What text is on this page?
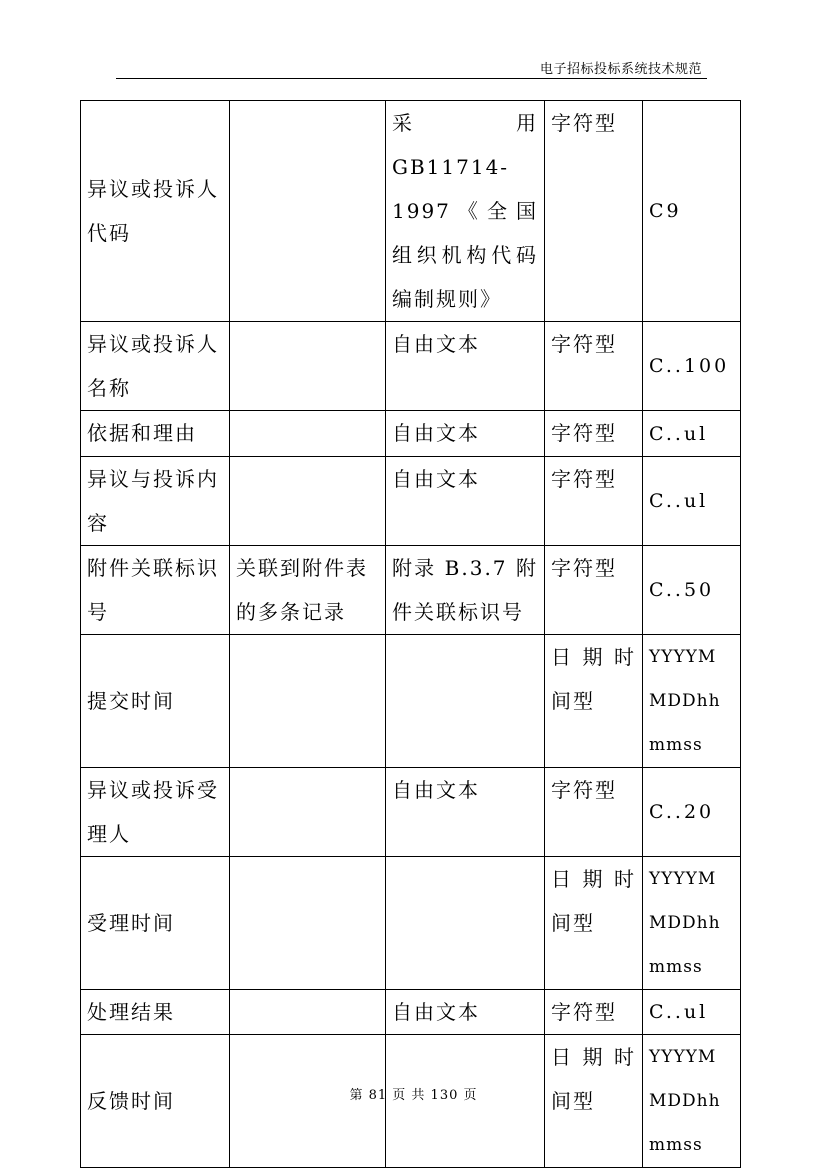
电子招标投标系统技术规范
异议或投诉人代码		采用 GB11714-1997《全国组织机构代码编制规则》	字符型	C9
异议或投诉人名称		自由文本	字符型	C..100
依据和理由		自由文本	字符型	C..ul
异议与投诉内容		自由文本	字符型	C..ul
附件关联标识号	关联到附件表的多条记录	附录 B.3.7 附件关联标识号	字符型	C..50
提交时间			日 期 时间型	YYYYMMDDhhmmss
异议或投诉受理人		自由文本	字符型	C..20
受理时间			日 期 时间型	YYYYMMDDhhmmss
处理结果		自由文本	字符型	C..ul
反馈时间			日 期 时间型	YYYYMMDDhhmmss
第 81 页 共 130 页
